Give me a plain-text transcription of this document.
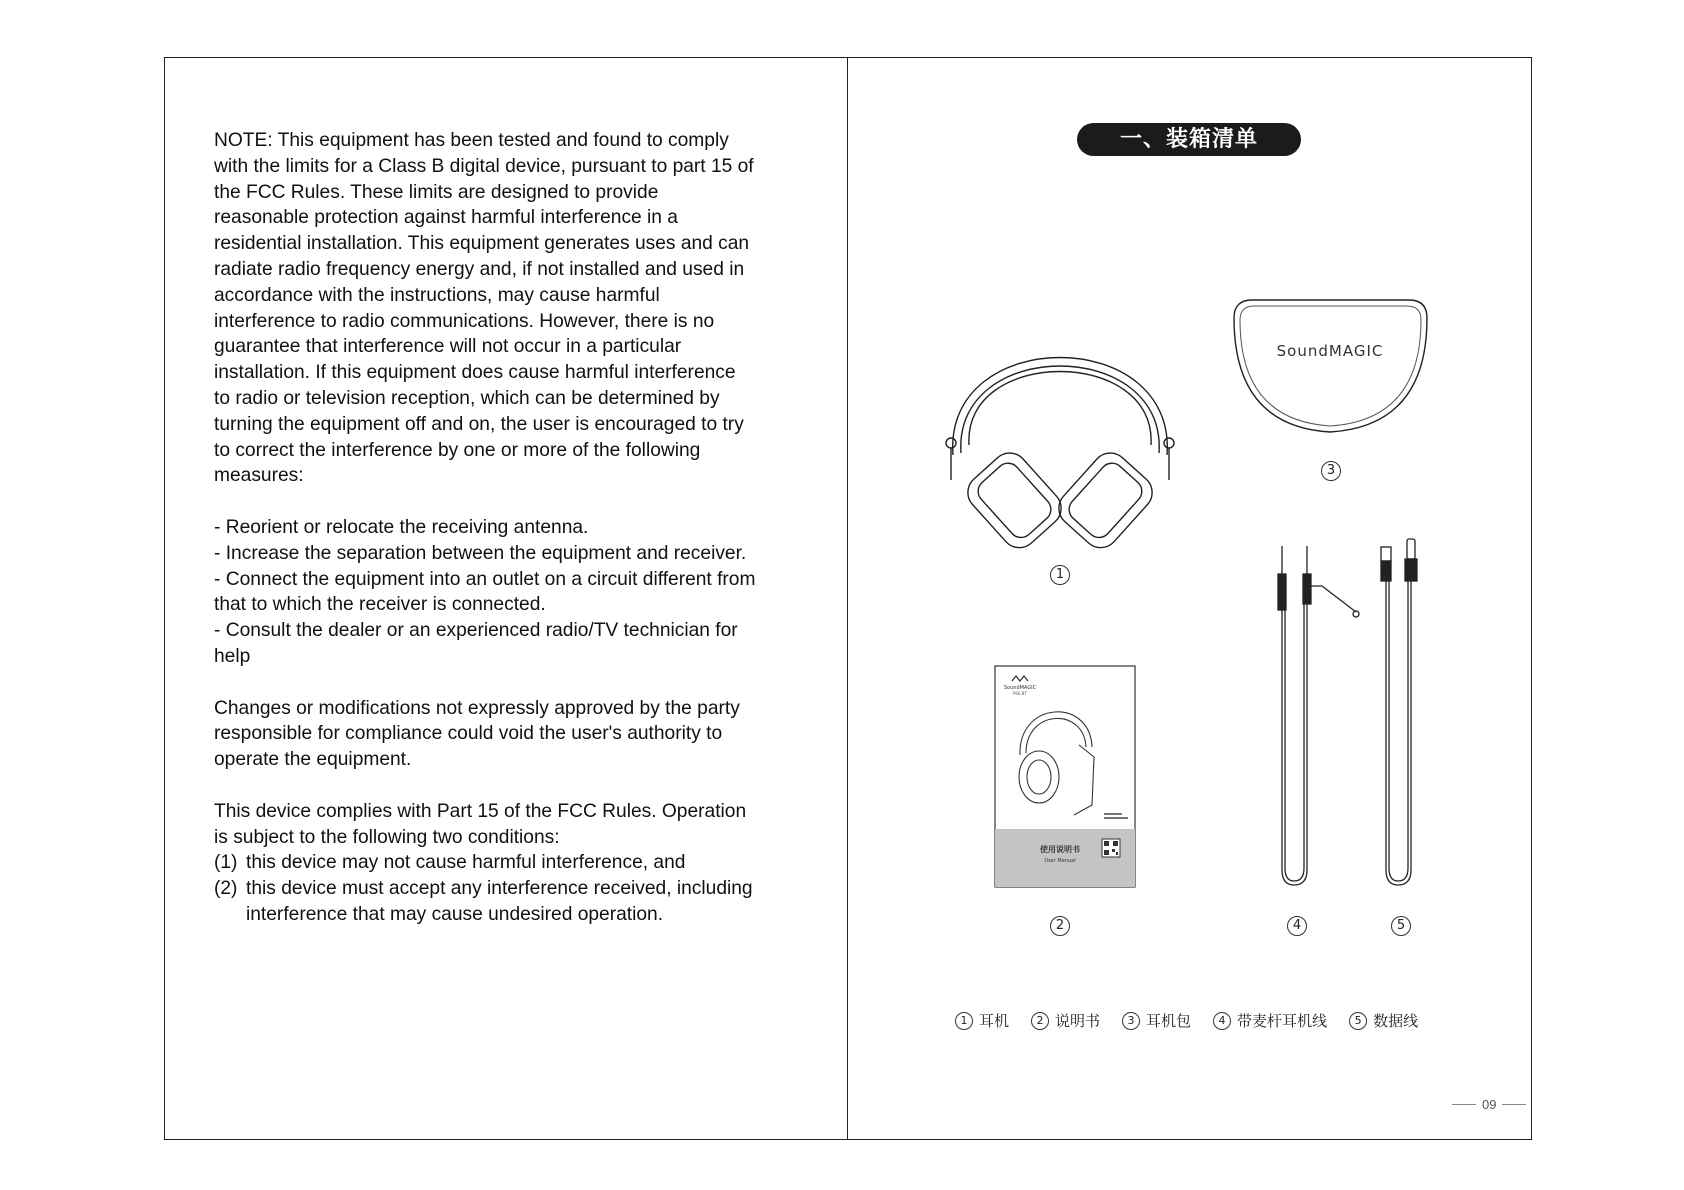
NOTE: This equipment has been tested and found to comply

with the limits for a Class B digital device, pursuant to part 15 of

the FCC Rules. These limits are designed to provide

reasonable protection against harmful interference in a

residential installation. This equipment generates uses and can

radiate radio frequency energy and, if not installed and used in

accordance with the instructions, may cause harmful

interference to radio communications. However, there is no

guarantee that interference will not occur in a particular

installation. If this equipment does cause harmful interference

to radio or television reception, which can be determined by

turning the equipment off and on, the user is encouraged to try

to correct the interference by one or more of the following

measures:

- Reorient or relocate the receiving antenna.

- Increase the separation between the equipment and receiver.

- Connect the equipment into an outlet on a circuit different from

that to which the receiver is connected.

- Consult the dealer or an experienced radio/TV technician for

help

Changes or modifications not expressly approved by the party

responsible for compliance could void the user's authority to

operate the equipment.

This device complies with Part 15 of the FCC Rules. Operation

is subject to the following two conditions:

(1) this device may not cause harmful interference, and
(2) this device must accept any interference received, including
interference that may cause undesired operation.
一、装箱清单
SoundMAGIC
SoundMAGIC
P60 BT
使用说明书
User Manual
1
3
2	4	5
1 耳机	2 说明书	3 耳机包	4 带麦杆耳机线	5 数据线
09
